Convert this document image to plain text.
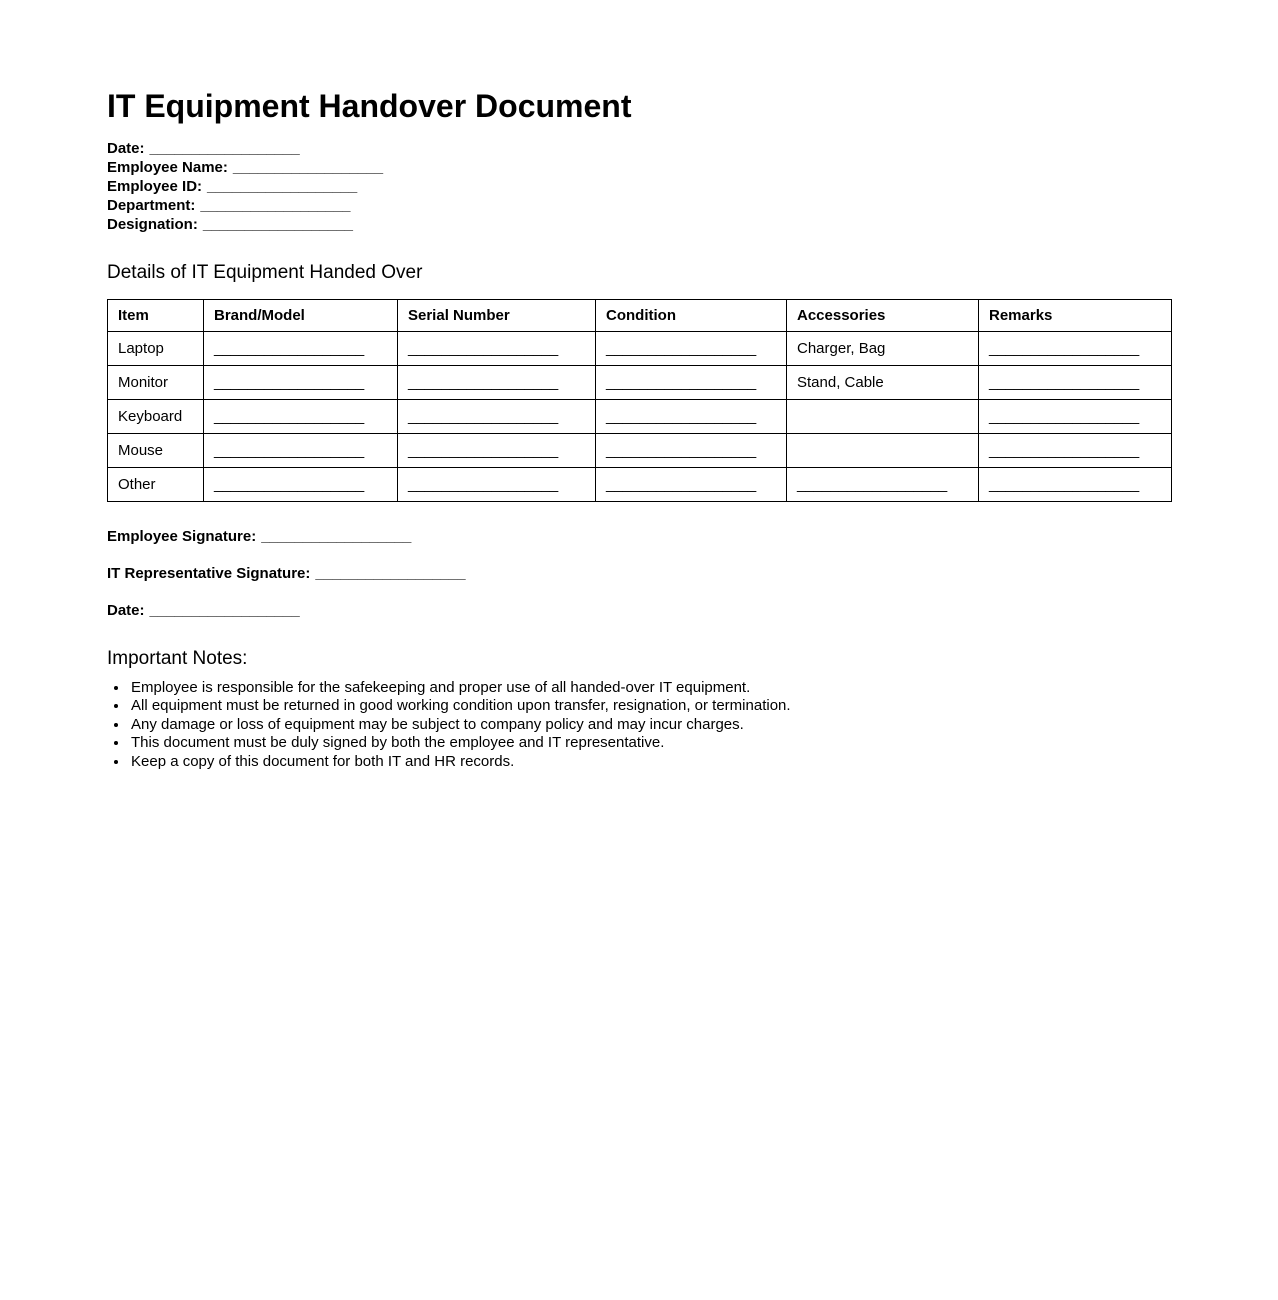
IT Equipment Handover Document
Date: __________________
Employee Name: __________________
Employee ID: __________________
Department: __________________
Designation: __________________

Details of IT Equipment Handed Over

Item	Brand/Model	Serial Number	Condition	Accessories	Remarks
Laptop	__________________	__________________	__________________	Charger, Bag	__________________
Monitor	__________________	__________________	__________________	Stand, Cable	__________________
Keyboard	__________________	__________________	__________________		__________________
Mouse	__________________	__________________	__________________		__________________
Other	__________________	__________________	__________________	__________________	__________________

Employee Signature: __________________

IT Representative Signature: __________________

Date: __________________

Important Notes:

• Employee is responsible for the safekeeping and proper use of all handed-over IT equipment.
• All equipment must be returned in good working condition upon transfer, resignation, or termination.
• Any damage or loss of equipment may be subject to company policy and may incur charges.
• This document must be duly signed by both the employee and IT representative.
• Keep a copy of this document for both IT and HR records.
